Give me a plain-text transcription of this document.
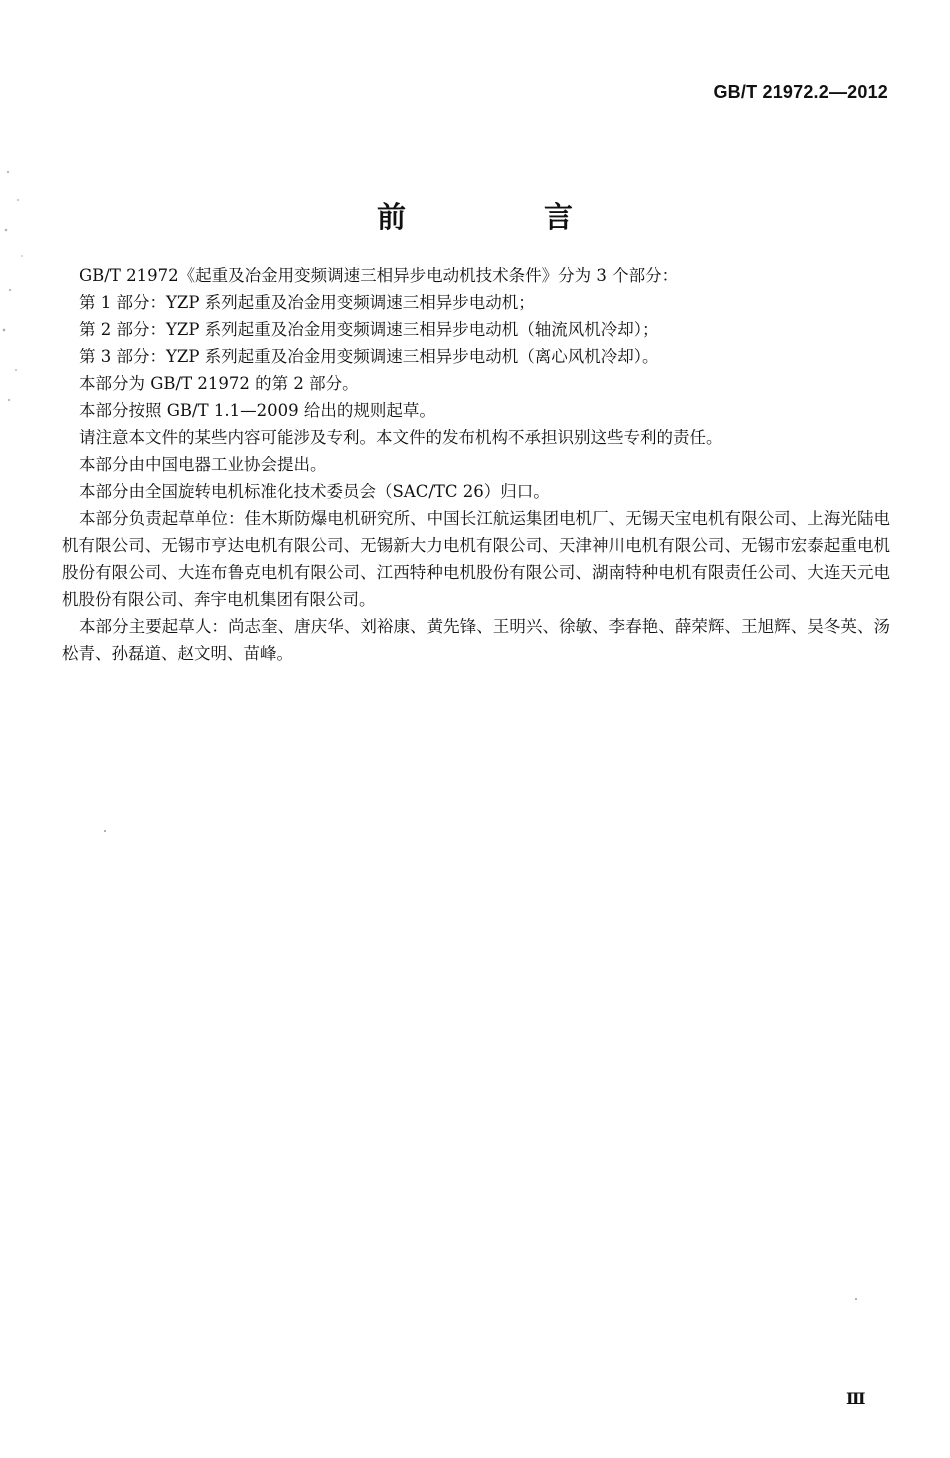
GB/T 21972.2—2012
前 言

GB/T 21972《起重及冶金用变频调速三相异步电动机技术条件》分为 3 个部分：

第 1 部分：YZP 系列起重及冶金用变频调速三相异步电动机；

第 2 部分：YZP 系列起重及冶金用变频调速三相异步电动机（轴流风机冷却）；

第 3 部分：YZP 系列起重及冶金用变频调速三相异步电动机（离心风机冷却）。

本部分为 GB/T 21972 的第 2 部分。

本部分按照 GB/T 1.1—2009 给出的规则起草。

请注意本文件的某些内容可能涉及专利。本文件的发布机构不承担识别这些专利的责任。

本部分由中国电器工业协会提出。

本部分由全国旋转电机标准化技术委员会（SAC/TC 26）归口。

本部分负责起草单位：佳木斯防爆电机研究所、中国长江航运集团电机厂、无锡天宝电机有限公司、上海光陆电机有限公司、无锡市亨达电机有限公司、无锡新大力电机有限公司、天津神川电机有限公司、无锡市宏泰起重电机股份有限公司、大连布鲁克电机有限公司、江西特种电机股份有限公司、湖南特种电机有限责任公司、大连天元电机股份有限公司、奔宇电机集团有限公司。

本部分主要起草人：尚志奎、唐庆华、刘裕康、黄先锋、王明兴、徐敏、李春艳、薛荣辉、王旭辉、吴冬英、汤松青、孙磊道、赵文明、苗峰。

Ⅲ
